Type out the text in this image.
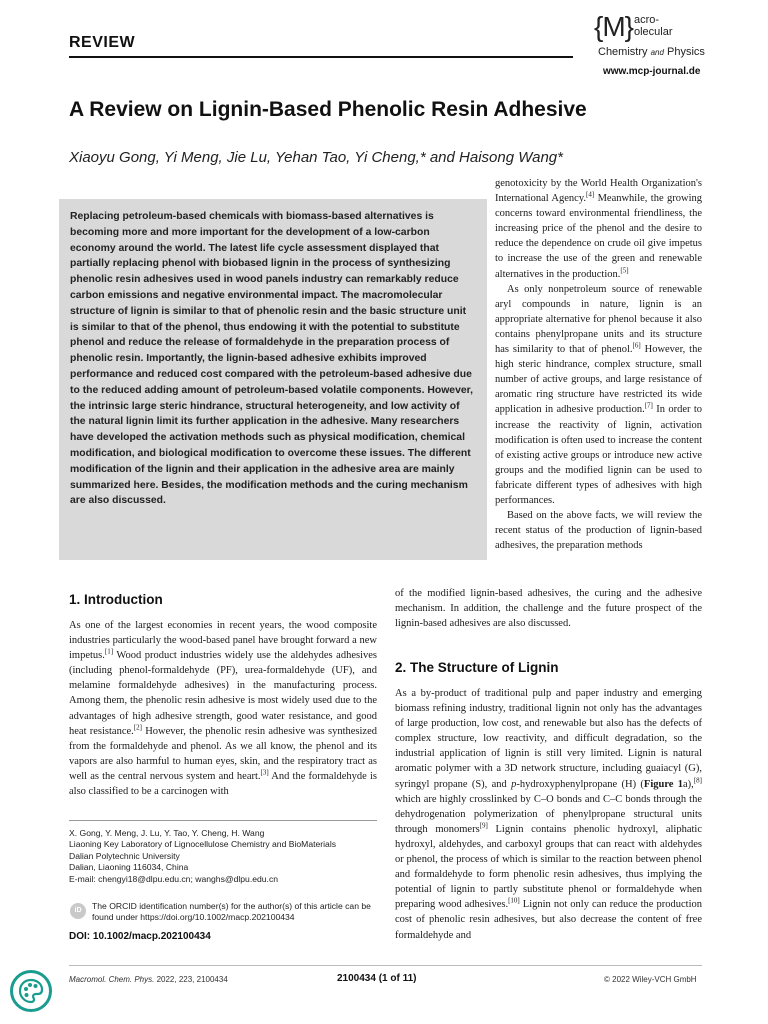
REVIEW
{M} acro-
olecular
Chemistry and Physics
www.mcp-journal.de
A Review on Lignin-Based Phenolic Resin Adhesive
Xiaoyu Gong, Yi Meng, Jie Lu, Yehan Tao, Yi Cheng,* and Haisong Wang*
Replacing petroleum-based chemicals with biomass-based alternatives is becoming more and more important for the development of a low-carbon economy around the world. The latest life cycle assessment displayed that partially replacing phenol with biobased lignin in the process of synthesizing phenolic resin adhesives used in wood panels industry can remarkably reduce carbon emissions and negative environmental impact. The macromolecular structure of lignin is similar to that of phenolic resin and the basic structure unit is similar to that of the phenol, thus endowing it with the potential to substitute phenol and reduce the release of formaldehyde in the preparation process of phenolic resin. Importantly, the lignin-based adhesive exhibits improved performance and reduced cost compared with the petroleum-based adhesive due to the reduced adding amount of petroleum-based volatile components. However, the intrinsic large steric hindrance, structural heterogeneity, and low activity of the natural lignin limit its further application in the adhesive. Many researchers have developed the activation methods such as physical modification, chemical modification, and biological modification to overcome these issues. The different modification of the lignin and their application in the adhesive area are mainly summarized here. Besides, the modification methods and the curing mechanism are also discussed.

genotoxicity by the World Health Organization's International Agency.[4] Meanwhile, the growing concerns toward environmental friendliness, the increasing price of the phenol and the desire to reduce the dependence on crude oil give impetus to increase the use of the green and renewable alternatives in the production.[5]

As only nonpetroleum source of renewable aryl compounds in nature, lignin is an appropriate alternative for phenol because it also contains phenylpropane units and its structure has similarity to that of phenol.[6] However, the high steric hindrance, complex structure, small number of active groups, and large resistance of aromatic ring structure have restricted its wide application in adhesive production.[7] In order to increase the reactivity of lignin, activation modification is often used to increase the content of existing active groups or introduce new active groups and the modified lignin can be used to fabricate different types of adhesives with high performances.

Based on the above facts, we will review the recent status of the production of lignin-based adhesives, the preparation methods

of the modified lignin-based adhesives, the curing and the adhesive mechanism. In addition, the challenge and the future prospect of the lignin-based adhesives are also discussed.
1. Introduction
As one of the largest economies in recent years, the wood composite industries particularly the wood-based panel have brought forward a new impetus.[1] Wood product industries widely use the aldehydes adhesives (including phenol-formaldehyde (PF), urea-formaldehyde (UF), and melamine formaldehyde adhesives) in the manufacturing process. Among them, the phenolic resin adhesive is most widely used due to the advantages of high adhesive strength, good water resistance, and good heat resistance.[2] However, the phenolic resin adhesive was synthesized from the formaldehyde and phenol. As we all know, the phenol and its vapors are also harmful to human eyes, skin, and the respiratory tract as well as the central nervous system and heart.[3] And the formaldehyde is also classified to be a carcinogen with
2. The Structure of Lignin
As a by-product of traditional pulp and paper industry and emerging biomass refining industry, traditional lignin not only has the advantages of large production, low cost, and renewable but also has the defects of complex structure, low reactivity, and difficult degradation, so the industrial application of lignin is still very limited. Lignin is natural aromatic polymer with a 3D network structure, including guaiacyl (G), syringyl propane (S), and p-hydroxyphenylpropane (H) (Figure 1a),[8] which are highly crosslinked by C–O bonds and C–C bonds through the dehydrogenation polymerization of phenylpropane structural units through monomers[9] Lignin contains phenolic hydroxyl, aliphatic hydroxyl, aldehydes, and carboxyl groups that can react with aldehydes or phenol, the process of which is similar to the reaction between phenol and formaldehyde to form phenolic resin adhesives, thus implying the potential of lignin to partly substitute phenol or formaldehyde when preparing wood adhesives.[10] Lignin not only can reduce the production cost of phenolic resin adhesives, but also decrease the content of free formaldehyde and
X. Gong, Y. Meng, J. Lu, Y. Tao, Y. Cheng, H. Wang
Liaoning Key Laboratory of Lignocellulose Chemistry and BioMaterials
Dalian Polytechnic University
Dalian, Liaoning 116034, China
E-mail: chengyi18@dlpu.edu.cn; wanghs@dlpu.edu.cn
iD	The ORCID identification number(s) for the author(s) of this article can be found under https://doi.org/10.1002/macp.202100434
DOI: 10.1002/macp.202100434
Macromol. Chem. Phys. 2022, 223, 2100434	2100434 (1 of 11)	© 2022 Wiley-VCH GmbH
